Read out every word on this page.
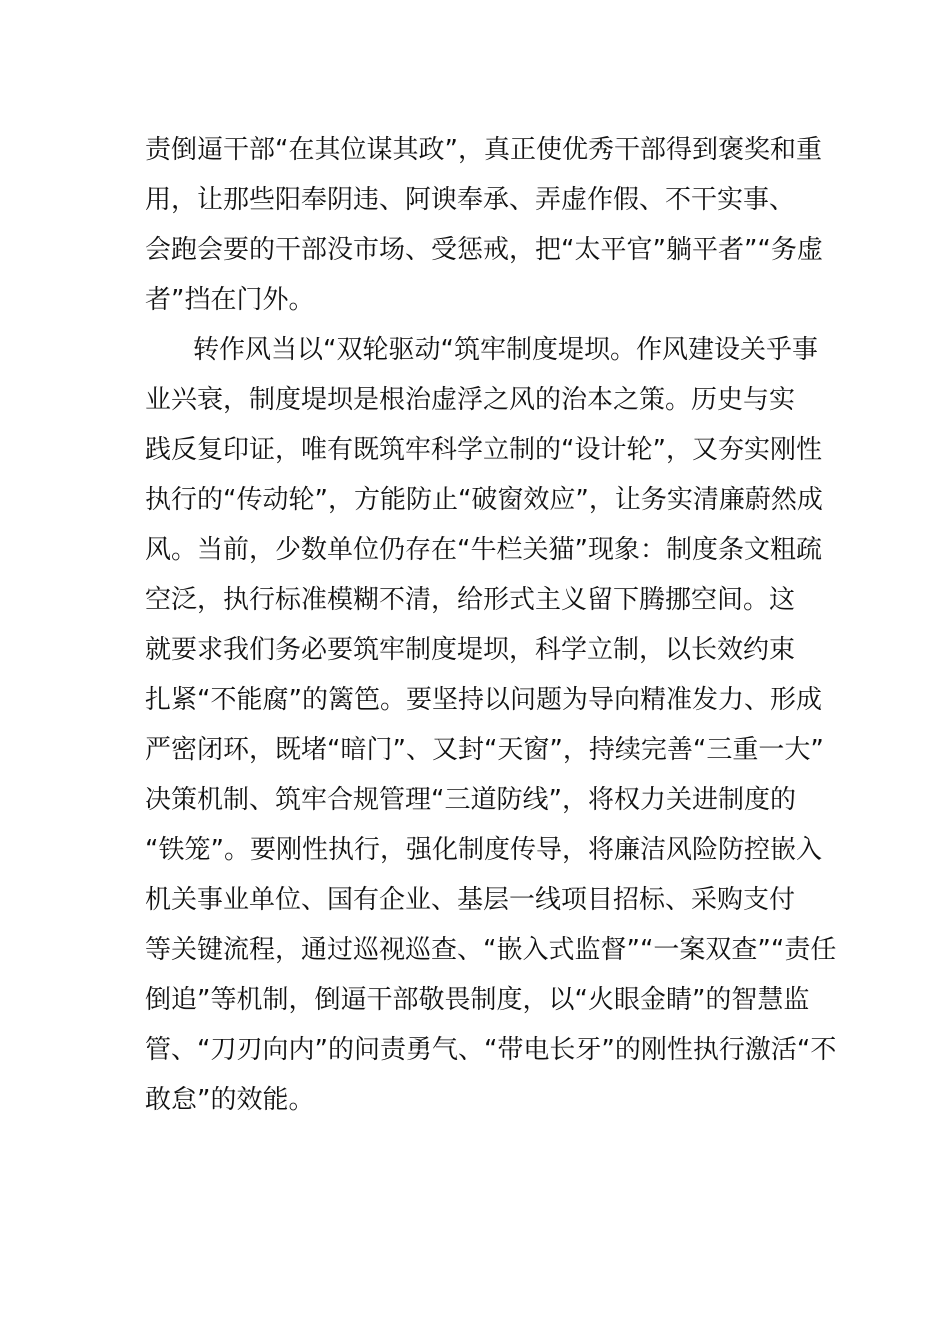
责倒逼干部“在其位谋其政”，真正使优秀干部得到褒奖和重
用，让那些阳奉阴违、阿谀奉承、弄虚作假、不干实事、
会跑会要的干部没市场、受惩戒，把“太平官”躺平者”“务虚
者”挡在门外。
转作风当以“双轮驱动“筑牢制度堤坝。作风建设关乎事
业兴衰，制度堤坝是根治虚浮之风的治本之策。历史与实
践反复印证，唯有既筑牢科学立制的“设计轮”，又夯实刚性
执行的“传动轮”，方能防止“破窗效应”，让务实清廉蔚然成
风。当前，少数单位仍存在“牛栏关猫”现象：制度条文粗疏
空泛，执行标准模糊不清，给形式主义留下腾挪空间。这
就要求我们务必要筑牢制度堤坝，科学立制，以长效约束
扎紧“不能腐”的篱笆。要坚持以问题为导向精准发力、形成
严密闭环，既堵“暗门”、又封“天窗”，持续完善“三重一大”
决策机制、筑牢合规管理“三道防线”，将权力关进制度的
“铁笼”。要刚性执行，强化制度传导，将廉洁风险防控嵌入
机关事业单位、国有企业、基层一线项目招标、采购支付
等关键流程，通过巡视巡查、“嵌入式监督”“一案双查”“责任
倒追”等机制，倒逼干部敬畏制度，以“火眼金睛”的智慧监
管、“刀刃向内”的问责勇气、“带电长牙”的刚性执行激活“不
敢怠”的效能。
